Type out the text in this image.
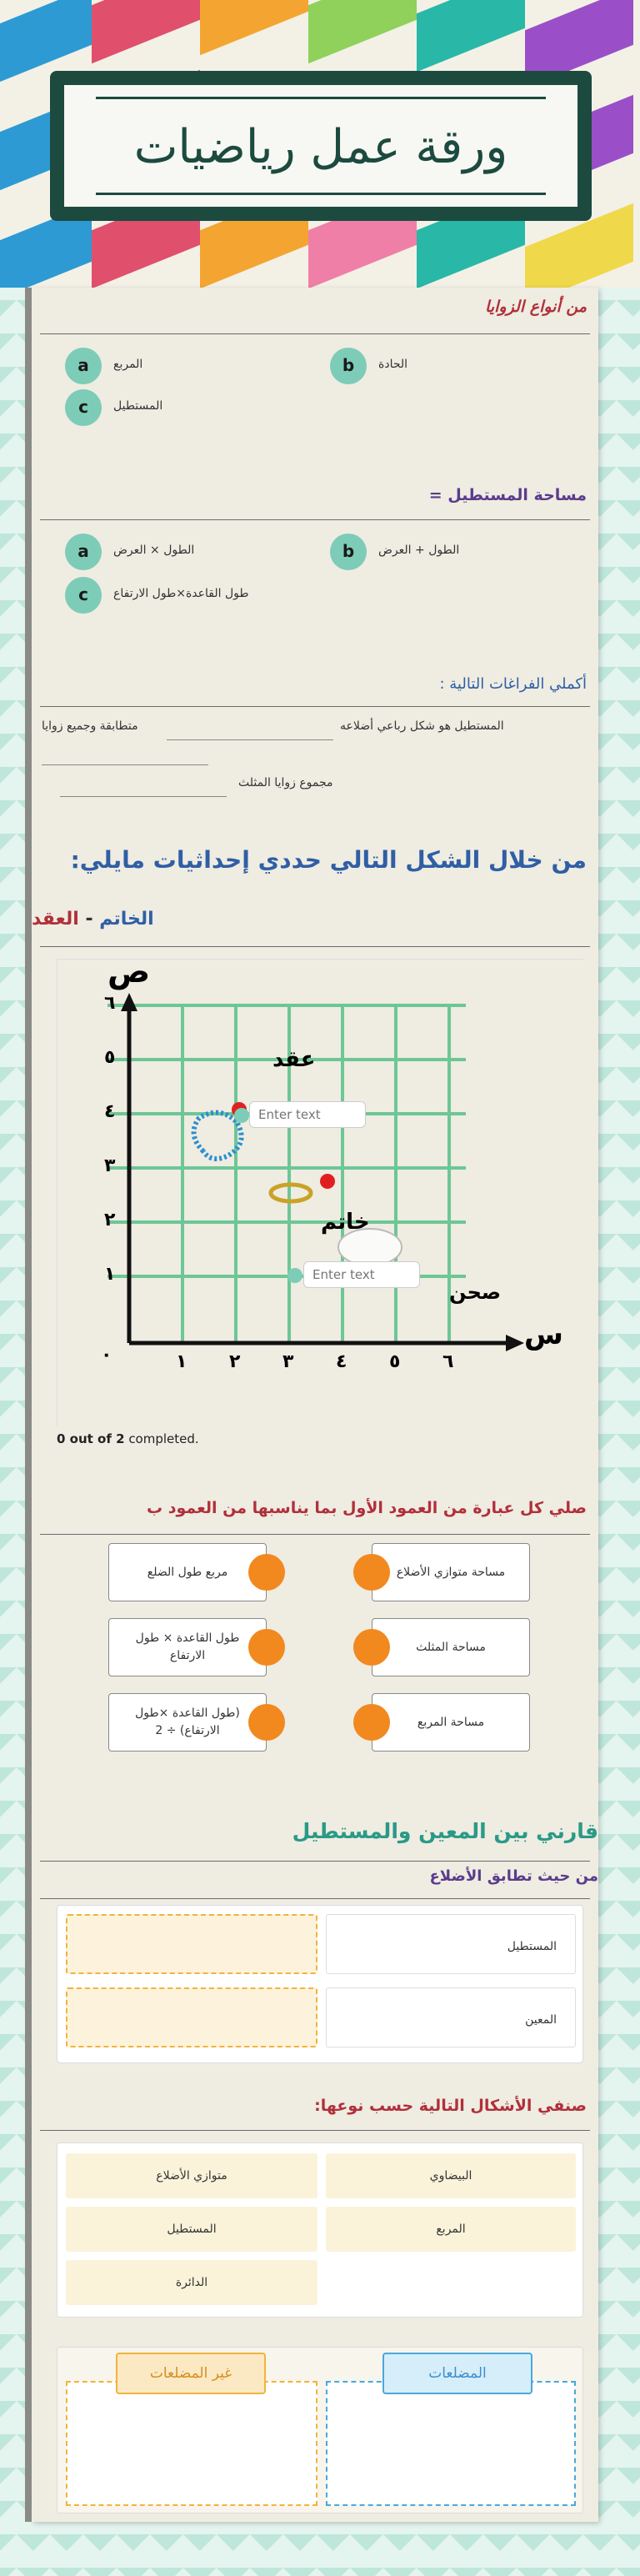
ورقة عمل رياضيات
من أنواع الزوايا
a	المربع	b	الحادة
c	المستطيل
مساحة المستطيل =
a	الطول × العرض	b	الطول + العرض
c	طول القاعدة×طول الارتفاع
أكملي الفراغات التالية :
المستطيل هو شكل رباعي أضلاعه
متطابقة وجميع زوايا
مجموع زوايا المثلث
من خلال الشكل التالي حددي إحداثيات مايلي:
الخاتم - العقد

ص
س
عقد
خاتم
صحن
٠	١ ٢ ٣ ٤ ٥ ٦
١
٢
٣
٤
٥
٦
Enter text
Enter text
0 out of 2 completed.
صلي كل عبارة من العمود الأول بما يناسبها من العمود ب
مساحة متوازي الأضلاع
مربع طول الضلع
مساحة المثلث
طول القاعدة × طول الارتفاع
مساحة المربع
(طول القاعدة ×طول الارتفاع) ÷ 2
قارني بين المعين والمستطيل
من حيث تطابق الأضلاع
المستطيل
المعين
صنفي الأشكال التالية حسب نوعها:
البيضاوي
متوازي الأضلاع
المربع
المستطيل
الدائرة
المضلعات
غير المضلعات
